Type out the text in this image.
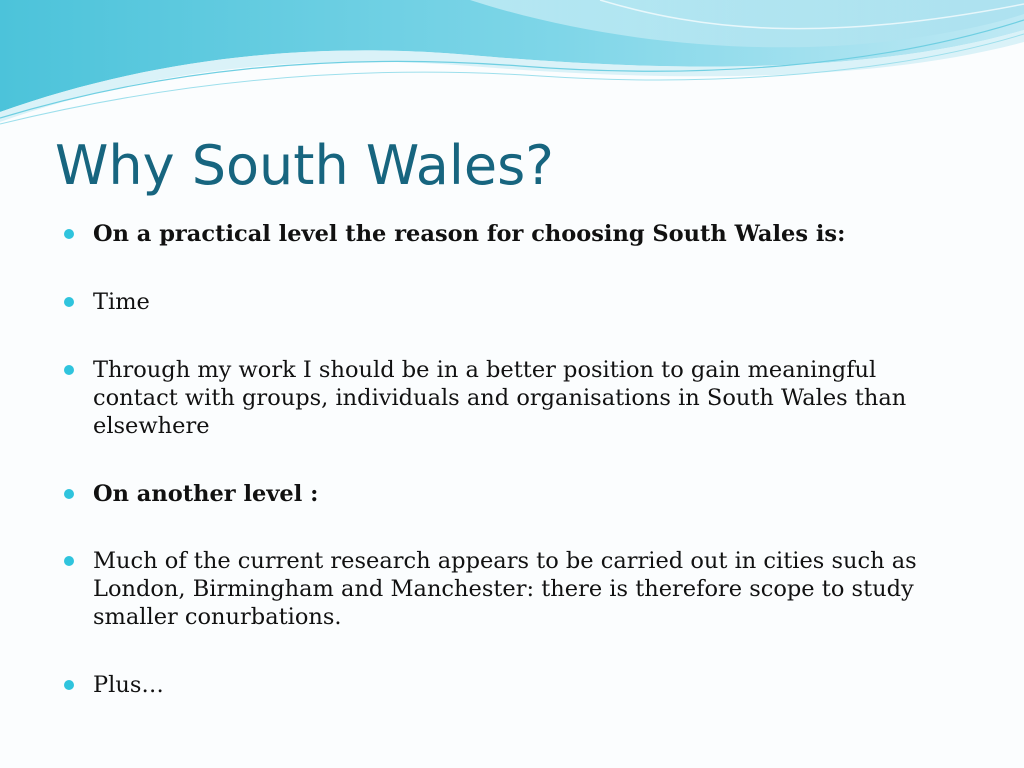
Why South Wales?
On a practical level the reason for choosing South Wales is:
Time
Through my work I should be in a better position to gain meaningful contact with groups, individuals and organisations in South Wales than elsewhere
On another level :
Much of the current research appears to be carried out in cities such as London, Birmingham and Manchester: there is therefore scope to study smaller conurbations.
Plus…
